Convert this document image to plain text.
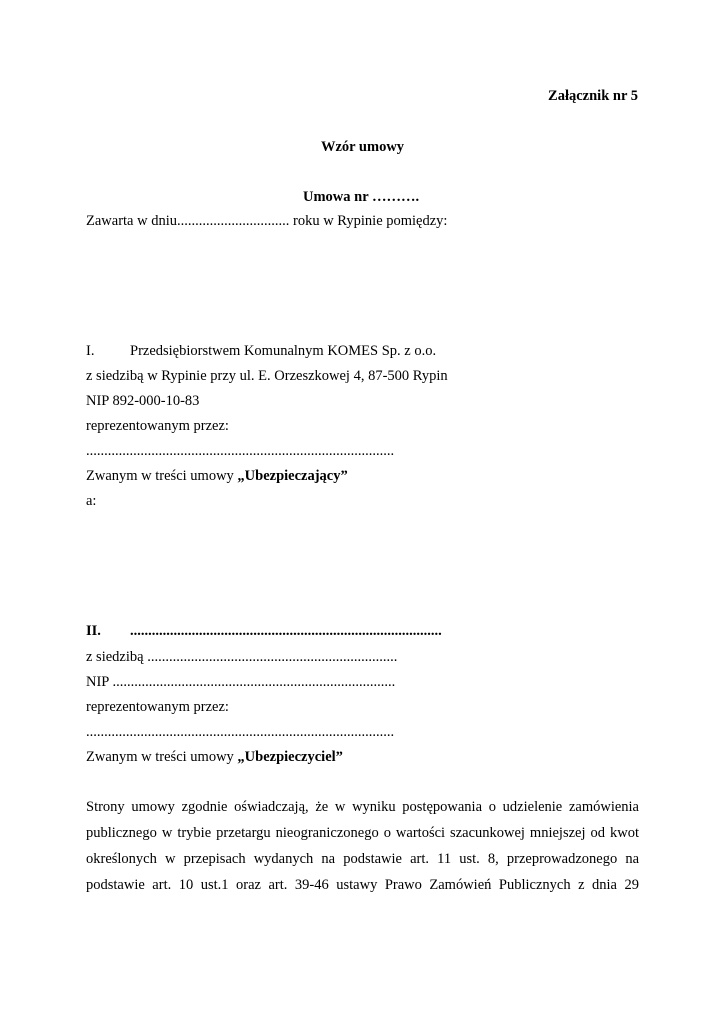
Załącznik nr 5
Wzór umowy
Umowa nr ……….
Zawarta w dniu............................... roku w Rypinie pomiędzy:
I. Przedsiębiorstwem Komunalnym KOMES Sp. z o.o.
z siedzibą w Rypinie przy ul. E. Orzeszkowej 4, 87-500 Rypin
NIP 892-000-10-83
reprezentowanym przez:
.....................................................................................
Zwanym w treści umowy „Ubezpieczający”
a:
II. ......................................................................................
z siedzibą .....................................................................
NIP ..............................................................................
reprezentowanym przez:
.....................................................................................
Zwanym w treści umowy „Ubezpieczyciel”
Strony umowy zgodnie oświadczają, że w wyniku postępowania o udzielenie zamówienia
publicznego w trybie przetargu nieograniczonego o wartości szacunkowej mniejszej od kwot
określonych w przepisach wydanych na podstawie art. 11 ust. 8, przeprowadzonego na
podstawie art. 10 ust.1 oraz art. 39-46 ustawy Prawo Zamówień Publicznych z dnia 29
